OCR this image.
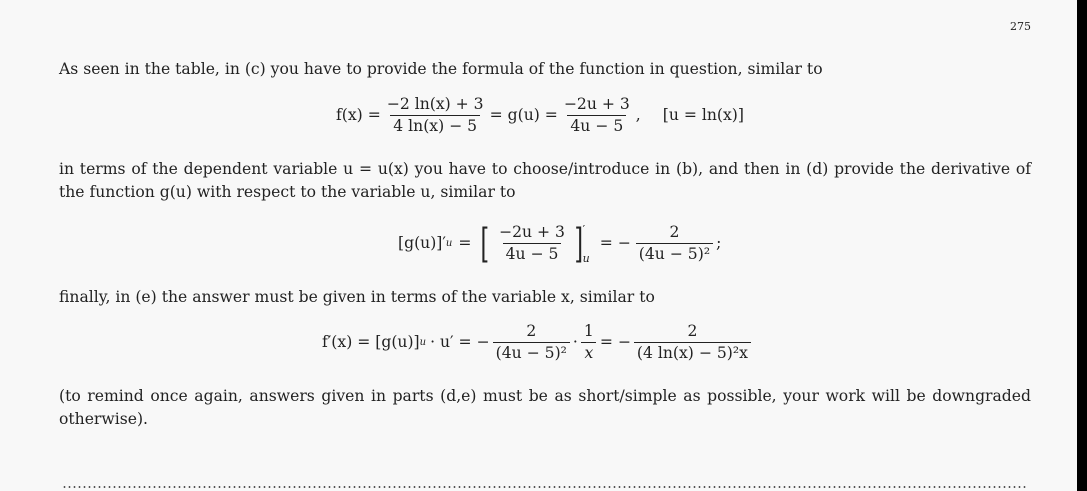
275
As seen in the table, in (c) you have to provide the formula of the function in question, similar to
$f(x) = \frac{-2 \ln(x) + 3}{4 \ln(x) - 5} = g(u) = \frac{-2u + 3}{4u - 5}$ , [u = ln(x)]
in terms of the dependent variable u = u(x) you have to choose/introduce in (b), and then in (d) provide the derivative of the function g(u) with respect to the variable u, similar to
[g(u)]′ u = [ $\frac{-2u + 3}{4u - 5}$ ] ′
u
= − $\frac{2}{\text{(4u − 5)²}}$ ;
finally, in (e) the answer must be given in terms of the variable x, similar to
f′(x) = [g(u)] u · u′ = − $\frac{2}{\text{(4u − 5)²}} \cdot \frac{1}{x}$ = − $\frac{2}{\text{(4 ln(x) − 5)²x}}$
(to remind once again, answers given in parts (d,e) must be as short/simple as possible, your work will be downgraded otherwise).
